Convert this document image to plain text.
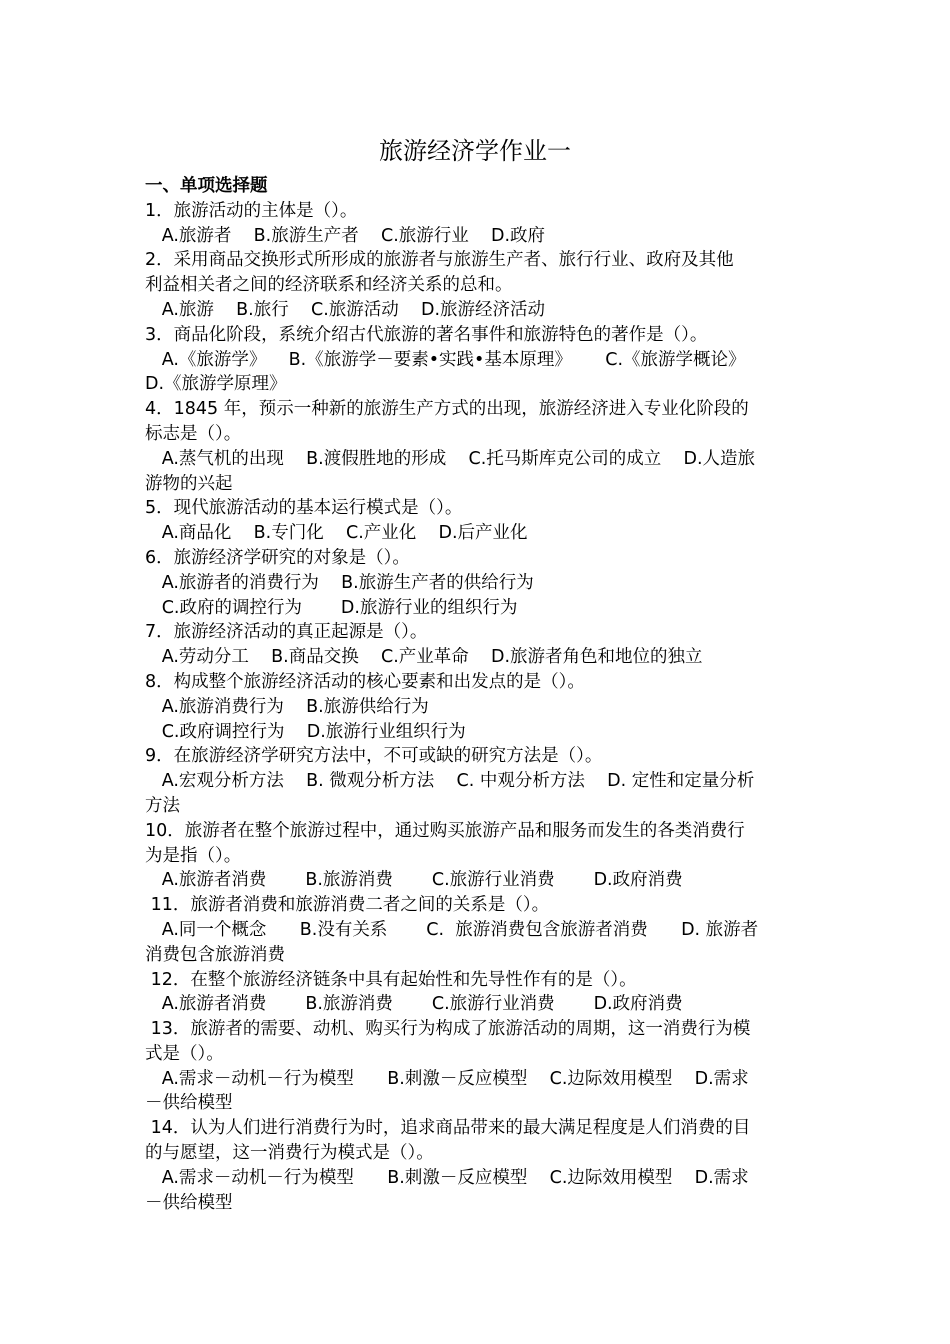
旅游经济学作业一
一、单项选择题
1．旅游活动的主体是（）。
A.旅游者    B.旅游生产者    C.旅游行业    D.政府
2．采用商品交换形式所形成的旅游者与旅游生产者、旅行行业、政府及其他
利益相关者之间的经济联系和经济关系的总和。
A.旅游    B.旅行    C.旅游活动    D.旅游经济活动
3．商品化阶段，系统介绍古代旅游的著名事件和旅游特色的著作是（）。
A.《旅游学》    B.《旅游学－要素•实践•基本原理》      C.《旅游学概论》
D.《旅游学原理》
4．1845 年，预示一种新的旅游生产方式的出现，旅游经济进入专业化阶段的
标志是（）。
A.蒸气机的出现    B.渡假胜地的形成    C.托马斯库克公司的成立    D.人造旅
游物的兴起
5．现代旅游活动的基本运行模式是（）。
A.商品化    B.专门化    C.产业化    D.后产业化
6．旅游经济学研究的对象是（）。
A.旅游者的消费行为    B.旅游生产者的供给行为
C.政府的调控行为       D.旅游行业的组织行为
7．旅游经济活动的真正起源是（）。
A.劳动分工    B.商品交换    C.产业革命    D.旅游者角色和地位的独立
8．构成整个旅游经济活动的核心要素和出发点的是（）。
A.旅游消费行为    B.旅游供给行为
C.政府调控行为    D.旅游行业组织行为
9．在旅游经济学研究方法中，不可或缺的研究方法是（）。
A.宏观分析方法    B. 微观分析方法    C. 中观分析方法    D. 定性和定量分析
方法
10．旅游者在整个旅游过程中，通过购买旅游产品和服务而发生的各类消费行
为是指（）。
A.旅游者消费       B.旅游消费       C.旅游行业消费       D.政府消费
11．旅游者消费和旅游消费二者之间的关系是（）。
A.同一个概念      B.没有关系       C.  旅游消费包含旅游者消费      D. 旅游者
消费包含旅游消费
12．在整个旅游经济链条中具有起始性和先导性作有的是（）。
A.旅游者消费       B.旅游消费       C.旅游行业消费       D.政府消费
13．旅游者的需要、动机、购买行为构成了旅游活动的周期，这一消费行为模
式是（）。
A.需求－动机－行为模型      B.刺激－反应模型    C.边际效用模型    D.需求
－供给模型
14．认为人们进行消费行为时，追求商品带来的最大满足程度是人们消费的目
的与愿望，这一消费行为模式是（）。
A.需求－动机－行为模型      B.刺激－反应模型    C.边际效用模型    D.需求
－供给模型
